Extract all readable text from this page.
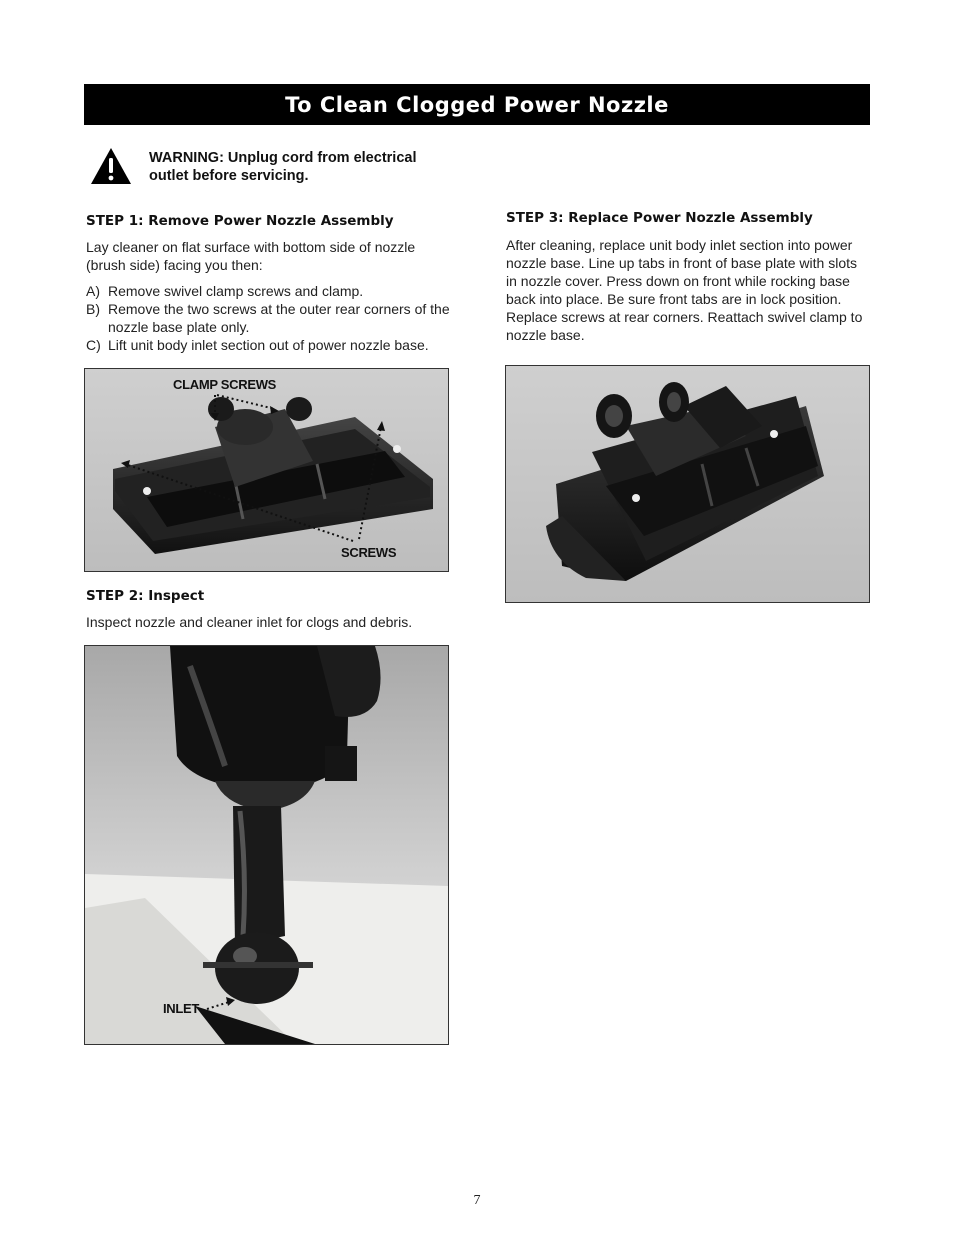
To Clean Clogged Power Nozzle
WARNING: Unplug cord from electrical
outlet before servicing.
STEP 1: Remove Power Nozzle Assembly
Lay cleaner on flat surface with bottom side of nozzle
(brush side) facing you then:
A) Remove swivel clamp screws and clamp.
B) Remove the two screws at the outer rear corners of the
nozzle base plate only.
C) Lift unit body inlet section out of power nozzle base.
CLAMP SCREWS
SCREWS
STEP 2: Inspect
Inspect nozzle and cleaner inlet for clogs and debris.
INLET
STEP 3: Replace Power Nozzle Assembly
After cleaning, replace unit body inlet section into power
nozzle base. Line up tabs in front of base plate with slots
in nozzle cover. Press down on front while rocking base
back into place. Be sure front tabs are in lock position.
Replace screws at rear corners. Reattach swivel clamp to
nozzle base.
7
